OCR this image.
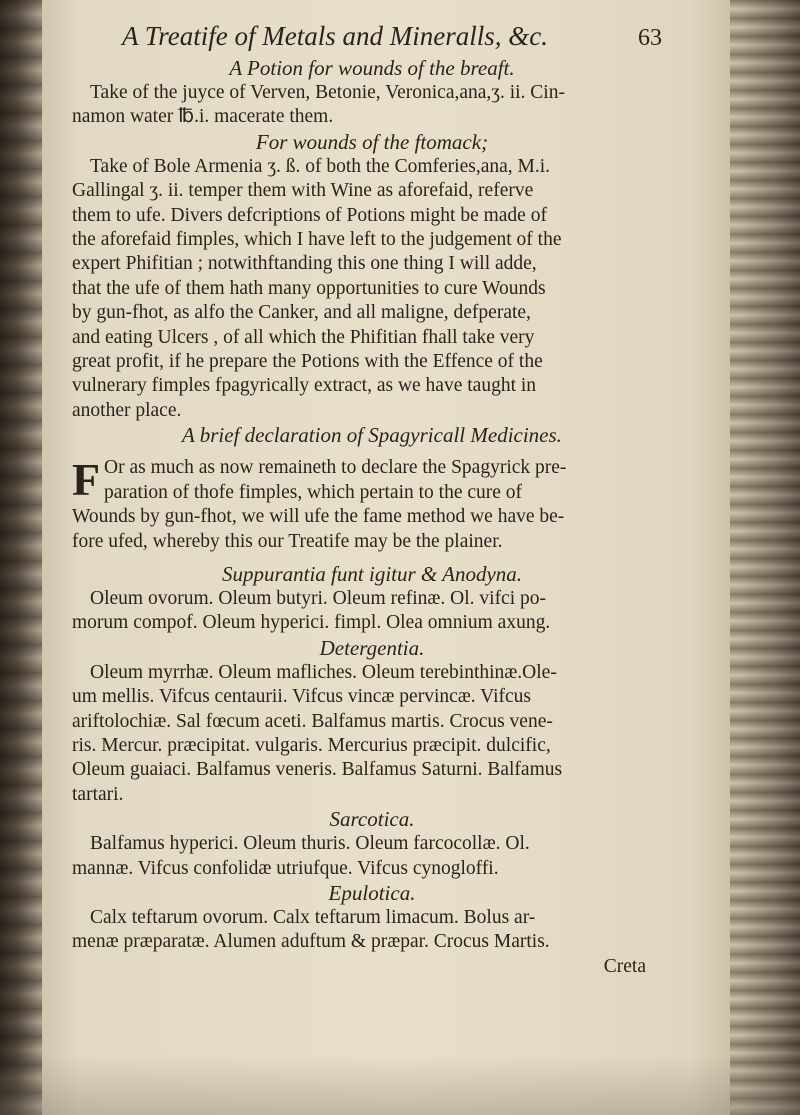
A Treatife of Metals and Mineralls, &c.	63

A Potion for wounds of the breaft.

Take of the juyce of Verven, Betonie, Veronica,ana,ʒ. ii. Cin-

namon water ℔.i. macerate them.

For wounds of the ftomack;

Take of Bole Armenia ʒ. ß. of both the Comferies,ana, M.i.

Gallingal ʒ. ii. temper them with Wine as aforefaid, referve

them to ufe. Divers defcriptions of Potions might be made of

the aforefaid fimples, which I have left to the judgement of the

expert Phifitian ; notwithftanding this one thing I will adde,

that the ufe of them hath many opportunities to cure Wounds

by gun-fhot, as alfo the Canker, and all maligne, defperate,

and eating Ulcers , of all which the Phifitian fhall take very

great profit, if he prepare the Potions with the Effence of the

vulnerary fimples fpagyrically extract, as we have taught in

another place.

A brief declaration of Spagyricall Medicines.

F Or as much as now remaineth to declare the Spagyrick pre-

paration of thofe fimples, which pertain to the cure of

Wounds by gun-fhot, we will ufe the fame method we have be-

fore ufed, whereby this our Treatife may be the plainer.

Suppurantia funt igitur & Anodyna.

Oleum ovorum. Oleum butyri. Oleum refinæ. Ol. vifci po-

morum compof. Oleum hyperici. fimpl. Olea omnium axung.

Detergentia.

Oleum myrrhæ. Oleum mafliches. Oleum terebinthinæ.Ole-

um mellis. Vifcus centaurii. Vifcus vincæ pervincæ. Vifcus

ariftolochiæ. Sal fœcum aceti. Balfamus martis. Crocus vene-

ris. Mercur. præcipitat. vulgaris. Mercurius præcipit. dulcific,

Oleum guaiaci. Balfamus veneris. Balfamus Saturni. Balfamus

tartari.

Sarcotica.

Balfamus hyperici. Oleum thuris. Oleum farcocollæ. Ol.

mannæ. Vifcus confolidæ utriufque. Vifcus cynogloffi.

Epulotica.

Calx teftarum ovorum. Calx teftarum limacum. Bolus ar-

menæ præparatæ. Alumen aduftum & præpar. Crocus Martis.

Creta
